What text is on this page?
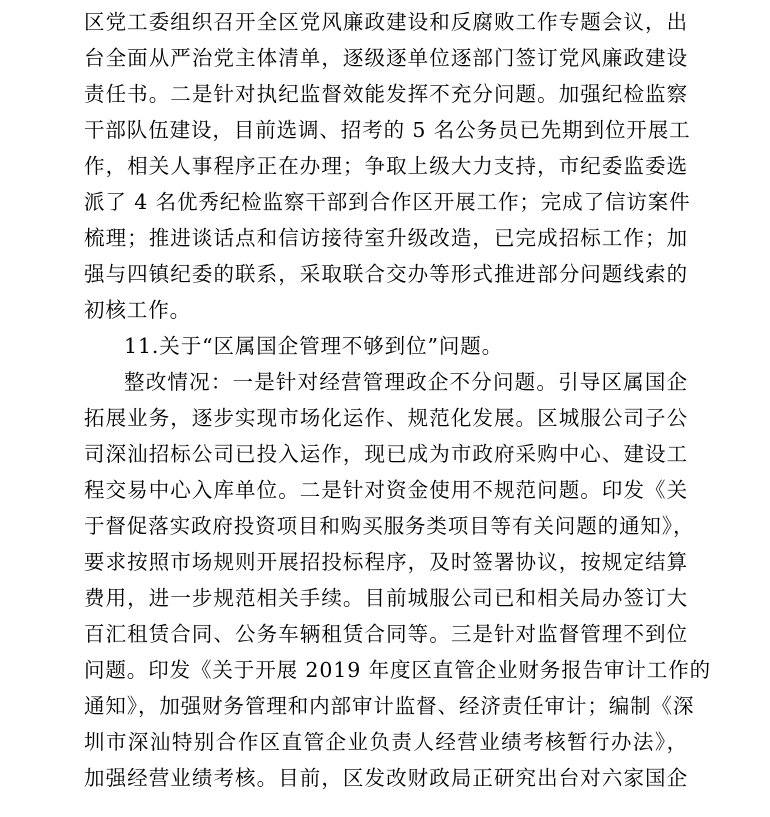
区党工委组织召开全区党风廉政建设和反腐败工作专题会议，出
台全面从严治党主体清单，逐级逐单位逐部门签订党风廉政建设
责任书。二是针对执纪监督效能发挥不充分问题。加强纪检监察
干部队伍建设，目前选调、招考的 5 名公务员已先期到位开展工
作，相关人事程序正在办理；争取上级大力支持，市纪委监委选
派了 4 名优秀纪检监察干部到合作区开展工作；完成了信访案件
梳理；推进谈话点和信访接待室升级改造，已完成招标工作；加
强与四镇纪委的联系，采取联合交办等形式推进部分问题线索的
初核工作。
11.关于“区属国企管理不够到位”问题。
整改情况：一是针对经营管理政企不分问题。引导区属国企
拓展业务，逐步实现市场化运作、规范化发展。区城服公司子公
司深汕招标公司已投入运作，现已成为市政府采购中心、建设工
程交易中心入库单位。二是针对资金使用不规范问题。印发《关
于督促落实政府投资项目和购买服务类项目等有关问题的通知》，
要求按照市场规则开展招投标程序，及时签署协议，按规定结算
费用，进一步规范相关手续。目前城服公司已和相关局办签订大
百汇租赁合同、公务车辆租赁合同等。三是针对监督管理不到位
问题。印发《关于开展 2019 年度区直管企业财务报告审计工作的
通知》，加强财务管理和内部审计监督、经济责任审计；编制《深
圳市深汕特别合作区直管企业负责人经营业绩考核暂行办法》，
加强经营业绩考核。目前，区发改财政局正研究出台对六家国企
